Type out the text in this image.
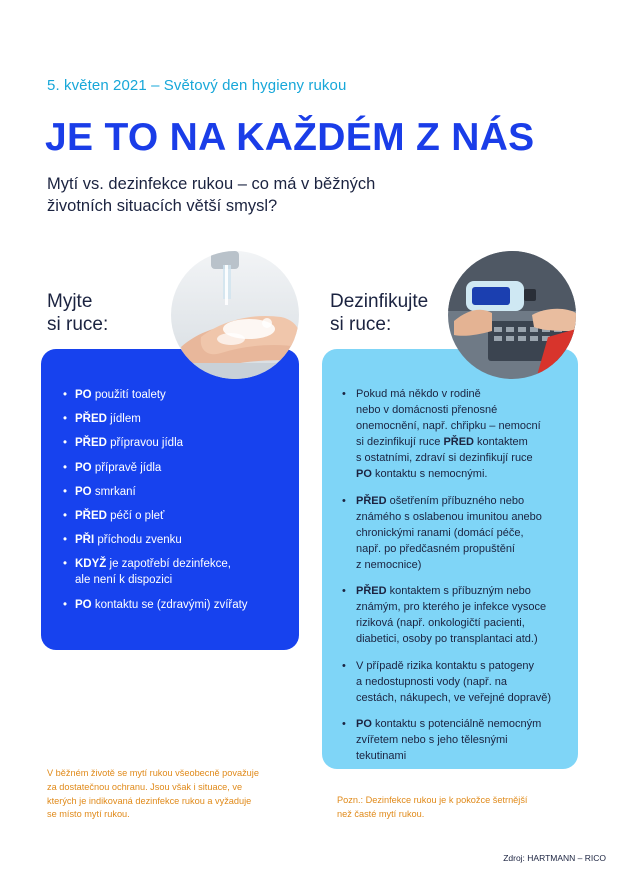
5. květen 2021 – Světový den hygieny rukou
JE TO NA KAŽDÉM Z NÁS
Mytí vs. dezinfekce rukou – co má v běžných
životních situacích větší smysl?
Myjte
si ruce:
Dezinfikujte
si ruce:
• PO použití toalety
• PŘED jídlem
• PŘED přípravou jídla
• PO přípravě jídla
• PO smrkaní
• PŘED péčí o pleť
• PŘI příchodu zvenku
• KDYŽ je zapotřebí dezinfekce,
ale není k dispozici
• PO kontaktu se (zdravými) zvířaty
• Pokud má někdo v rodině
nebo v domácnosti přenosné
onemocnění, např. chřipku – nemocní
si dezinfikují ruce PŘED kontaktem
s ostatními, zdraví si dezinfikují ruce
PO kontaktu s nemocnými.
• PŘED ošetřením příbuzného nebo
známého s oslabenou imunitou anebo
chronickými ranami (domácí péče,
např. po předčasném propuštění
z nemocnice)
• PŘED kontaktem s příbuzným nebo
známým, pro kterého je infekce vysoce
riziková (např. onkologičtí pacienti,
diabetici, osoby po transplantaci atd.)
• V případě rizika kontaktu s patogeny
a nedostupnosti vody (např. na
cestách, nákupech, ve veřejné dopravě)
• PO kontaktu s potenciálně nemocným
zvířetem nebo s jeho tělesnými
tekutinami
V běžném životě se mytí rukou všeobecně považuje
za dostatečnou ochranu. Jsou však i situace, ve
kterých je indikovaná dezinfekce rukou a vyžaduje
se místo mytí rukou.
Pozn.: Dezinfekce rukou je k pokožce šetrnější
než časté mytí rukou.
Zdroj: HARTMANN – RICO
